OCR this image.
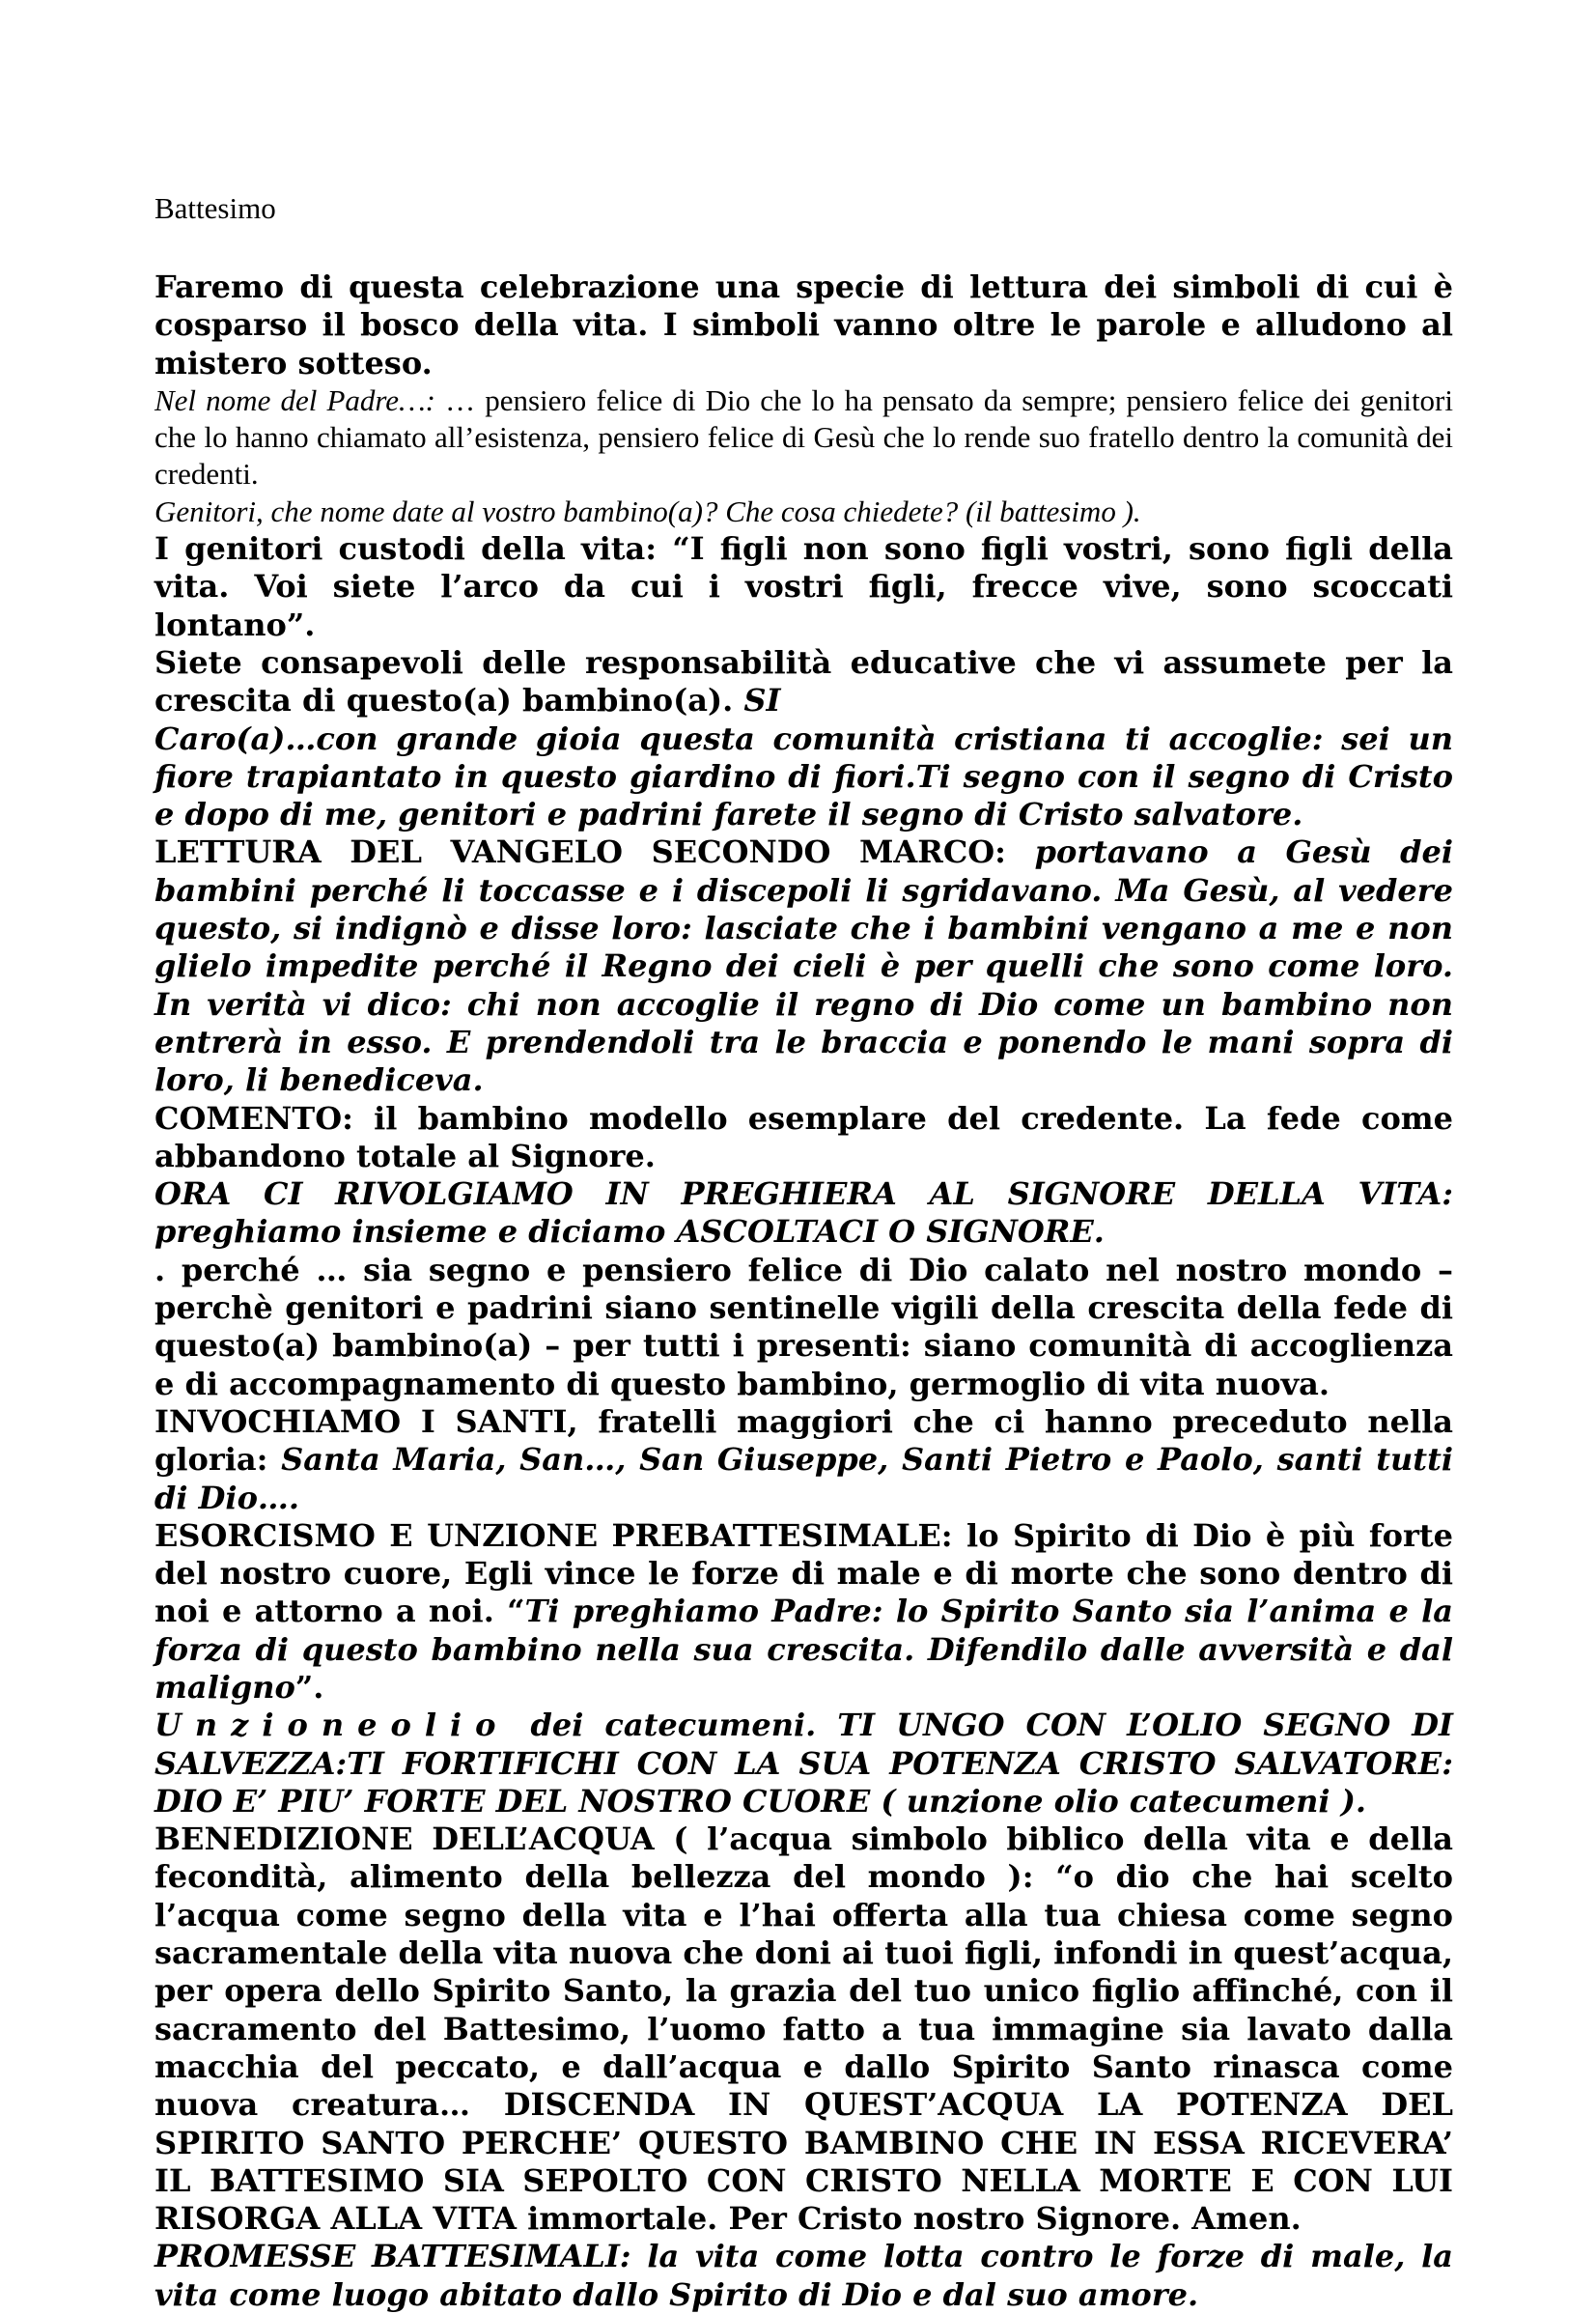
Battesimo

Faremo di questa celebrazione una specie di lettura dei simboli di cui è cosparso il bosco della vita. I simboli vanno oltre le parole e alludono al mistero sotteso.

Nel nome del Padre…: … pensiero felice di Dio che lo ha pensato da sempre; pensiero felice dei genitori che lo hanno chiamato all’esistenza, pensiero felice di Gesù che lo rende suo fratello dentro la comunità dei credenti.

Genitori, che nome date al vostro bambino(a)? Che cosa chiedete? (il battesimo ).

I genitori custodi della vita: “I figli non sono figli vostri, sono figli della vita. Voi siete l’arco da cui i vostri figli, frecce vive, sono scoccati lontano”.

Siete consapevoli delle responsabilità educative che vi assumete per la crescita di questo(a) bambino(a). SI

Caro(a)…con grande gioia questa comunità cristiana ti accoglie: sei un fiore trapiantato in questo giardino di fiori.Ti segno con il segno di Cristo e dopo di me, genitori e padrini farete il segno di Cristo salvatore.

LETTURA DEL VANGELO SECONDO MARCO: portavano a Gesù dei bambini perché li toccasse e i discepoli li sgridavano. Ma Gesù, al vedere questo, si indignò e disse loro: lasciate che i bambini vengano a me e non glielo impedite perché il Regno dei cieli è per quelli che sono come loro. In verità vi dico: chi non accoglie il regno di Dio come un bambino non entrerà in esso. E prendendoli tra le braccia e ponendo le mani sopra di loro, li benediceva.

COMENTO: il bambino modello esemplare del credente. La fede come abbandono totale al Signore.

ORA CI RIVOLGIAMO IN PREGHIERA AL SIGNORE DELLA VITA: preghiamo insieme e diciamo ASCOLTACI O SIGNORE.

. perché … sia segno e pensiero felice di Dio calato nel nostro mondo – perchè genitori e padrini siano sentinelle vigili della crescita della fede di questo(a) bambino(a) – per tutti i presenti: siano comunità di accoglienza e di accompagnamento di questo bambino, germoglio di vita nuova.

INVOCHIAMO I SANTI, fratelli maggiori che ci hanno preceduto nella gloria: Santa Maria, San…, San Giuseppe, Santi Pietro e Paolo, santi tutti di Dio….

ESORCISMO E UNZIONE PREBATTESIMALE: lo Spirito di Dio è più forte del nostro cuore, Egli vince le forze di male e di morte che sono dentro di noi e attorno a noi. “Ti preghiamo Padre: lo Spirito Santo sia l’anima e la forza di questo bambino nella sua crescita. Difendilo dalle avversità e dal maligno”.

Unzioneolio dei catecumeni. TI UNGO CON L’OLIO SEGNO DI SALVEZZA:TI FORTIFICHI CON LA SUA POTENZA CRISTO SALVATORE: DIO E’ PIU’ FORTE DEL NOSTRO CUORE ( unzione olio catecumeni ).

BENEDIZIONE DELL’ACQUA ( l’acqua simbolo biblico della vita e della fecondità, alimento della bellezza del mondo ): “o dio che hai scelto l’acqua come segno della vita e l’hai offerta alla tua chiesa come segno sacramentale della vita nuova che doni ai tuoi figli, infondi in quest’acqua, per opera dello Spirito Santo, la grazia del tuo unico figlio affinché, con il sacramento del Battesimo, l’uomo fatto a tua immagine sia lavato dalla macchia del peccato, e dall’acqua e dallo Spirito Santo rinasca come nuova creatura… DISCENDA IN QUEST’ACQUA LA POTENZA DEL SPIRITO SANTO PERCHE’ QUESTO BAMBINO CHE IN ESSA RICEVERA’ IL BATTESIMO SIA SEPOLTO CON CRISTO NELLA MORTE E CON LUI RISORGA ALLA VITA immortale. Per Cristo nostro Signore. Amen.

PROMESSE BATTESIMALI: la vita come lotta contro le forze di male, la vita come luogo abitato dallo Spirito di Dio e dal suo amore.
